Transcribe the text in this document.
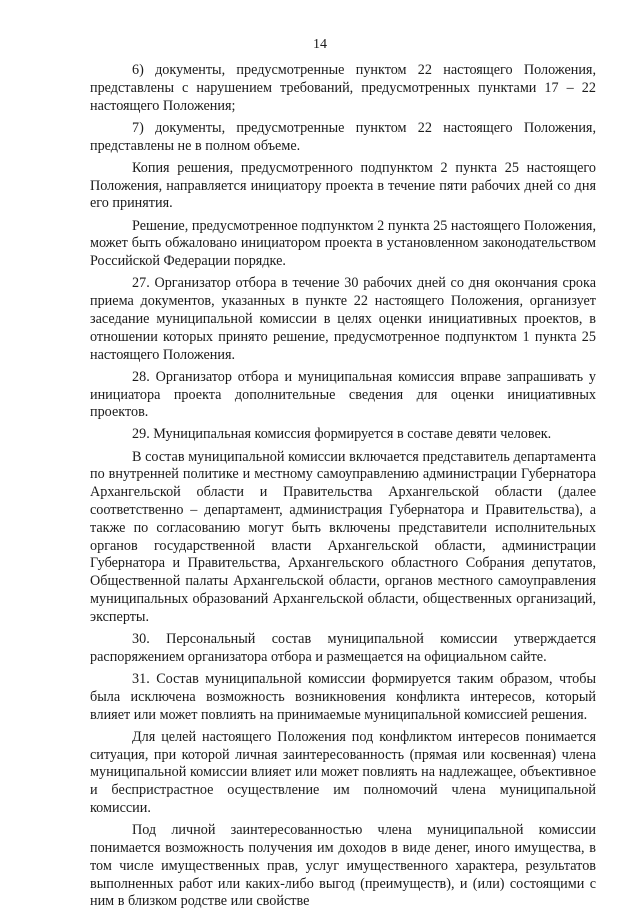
14

6) документы, предусмотренные пунктом 22 настоящего Положения, представлены с нарушением требований, предусмотренных пунктами 17 – 22 настоящего Положения;

7) документы, предусмотренные пунктом 22 настоящего Положения, представлены не в полном объеме.

Копия решения, предусмотренного подпунктом 2 пункта 25 настоящего Положения, направляется инициатору проекта в течение пяти рабочих дней со дня его принятия.

Решение, предусмотренное подпунктом 2 пункта 25 настоящего Положения, может быть обжаловано инициатором проекта в установленном законодательством Российской Федерации порядке.

27. Организатор отбора в течение 30 рабочих дней со дня окончания срока приема документов, указанных в пункте 22 настоящего Положения, организует заседание муниципальной комиссии в целях оценки инициативных проектов, в отношении которых принято решение, предусмотренное подпунктом 1 пункта 25 настоящего Положения.

28. Организатор отбора и муниципальная комиссия вправе запрашивать у инициатора проекта дополнительные сведения для оценки инициативных проектов.

29. Муниципальная комиссия формируется в составе девяти человек.

В состав муниципальной комиссии включается представитель департамента по внутренней политике и местному самоуправлению администрации Губернатора Архангельской области и Правительства Архангельской области (далее соответственно – департамент, администрация Губернатора и Правительства), а также по согласованию могут быть включены представители исполнительных органов государственной власти Архангельской области, администрации Губернатора и Правительства, Архангельского областного Собрания депутатов, Общественной палаты Архангельской области, органов местного самоуправления муниципальных образований Архангельской области, общественных организаций, эксперты.

30. Персональный состав муниципальной комиссии утверждается распоряжением организатора отбора и размещается на официальном сайте.

31. Состав муниципальной комиссии формируется таким образом, чтобы была исключена возможность возникновения конфликта интересов, который влияет или может повлиять на принимаемые муниципальной комиссией решения.

Для целей настоящего Положения под конфликтом интересов понимается ситуация, при которой личная заинтересованность (прямая или косвенная) члена муниципальной комиссии влияет или может повлиять на надлежащее, объективное и беспристрастное осуществление им полномочий члена муниципальной комиссии.

Под личной заинтересованностью члена муниципальной комиссии понимается возможность получения им доходов в виде денег, иного имущества, в том числе имущественных прав, услуг имущественного характера, результатов выполненных работ или каких-либо выгод (преимуществ), и (или) состоящими с ним в близком родстве или свойстве
